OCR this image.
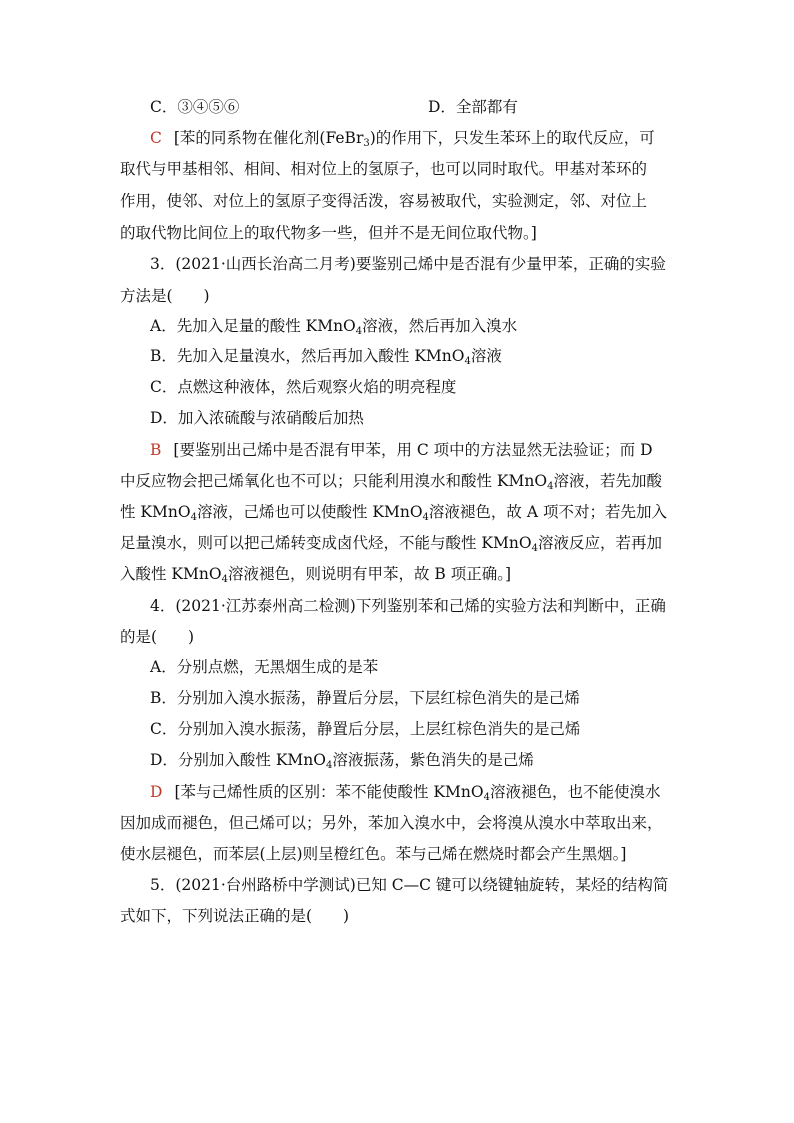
C．③④⑤⑥	D．全部都有
C [苯的同系物在催化剂(FeBr$_3$)的作用下，只发生苯环上的取代反应，可
取代与甲基相邻、相间、相对位上的氢原子，也可以同时取代。甲基对苯环的
作用，使邻、对位上的氢原子变得活泼，容易被取代，实验测定，邻、对位上
的取代物比间位上的取代物多一些，但并不是无间位取代物。]
3．(2021·山西长治高二月考)要鉴别己烯中是否混有少量甲苯，正确的实验
方法是(　　)
A．先加入足量的酸性 KMnO$_4$溶液，然后再加入溴水
B．先加入足量溴水，然后再加入酸性 KMnO$_4$溶液
C．点燃这种液体，然后观察火焰的明亮程度
D．加入浓硫酸与浓硝酸后加热
B [要鉴别出己烯中是否混有甲苯，用 C 项中的方法显然无法验证；而 D
中反应物会把己烯氧化也不可以；只能利用溴水和酸性 KMnO$_4$溶液，若先加酸
性 KMnO$_4$溶液，己烯也可以使酸性 KMnO$_4$溶液褪色，故 A 项不对；若先加入
足量溴水，则可以把己烯转变成卤代烃，不能与酸性 KMnO$_4$溶液反应，若再加
入酸性 KMnO$_4$溶液褪色，则说明有甲苯，故 B 项正确。]
4．(2021·江苏泰州高二检测)下列鉴别苯和己烯的实验方法和判断中，正确
的是(　　)
A．分别点燃，无黑烟生成的是苯
B．分别加入溴水振荡，静置后分层，下层红棕色消失的是己烯
C．分别加入溴水振荡，静置后分层，上层红棕色消失的是己烯
D．分别加入酸性 KMnO$_4$溶液振荡，紫色消失的是己烯
D [苯与己烯性质的区别：苯不能使酸性 KMnO$_4$溶液褪色，也不能使溴水
因加成而褪色，但己烯可以；另外，苯加入溴水中，会将溴从溴水中萃取出来，
使水层褪色，而苯层(上层)则呈橙红色。苯与己烯在燃烧时都会产生黑烟。]
5．(2021·台州路桥中学测试)已知 C—C 键可以绕键轴旋转，某烃的结构简
式如下，下列说法正确的是(　　)
